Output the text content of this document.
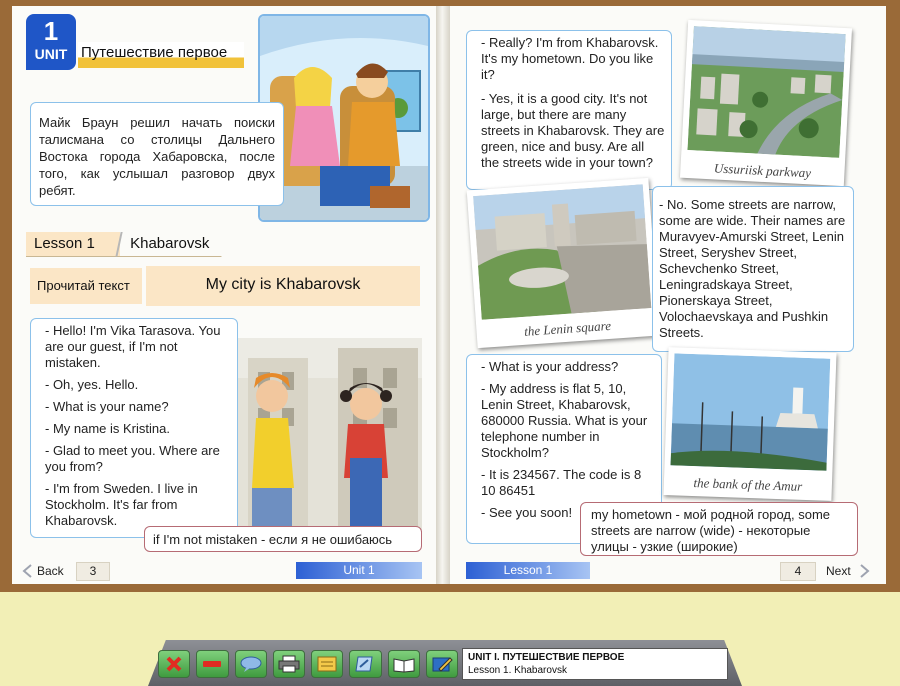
1
UNIT Путешествие первое
Майк Браун решил начать поиски талисмана со столицы Дальнего Востока города Хабаровска, после того, как услышал разговор двух ребят.
Lesson 1	Khabarovsk
Прочитай текст	My city is Khabarovsk
- Hello! I'm Vika Tarasova. You are our guest, if I'm not mistaken.
- Oh, yes. Hello.
- What is your name?
- My name is Kristina.
- Glad to meet you. Where are you from?
- I'm from Sweden. I live in Stockholm. It's far from Khabarovsk.
if I'm not mistaken - если я не ошибаюсь
Back	3	Unit 1
- Really? I'm from Khabarovsk. It's my hometown. Do you like it?
- Yes, it is a good city. It's not large, but there are many streets in Khabarovsk. They are green, nice and busy. Are all the streets wide in your town?	Ussuriisk parkway
the Lenin square
- No. Some streets are narrow, some are wide. Their names are Muravyev-Amurski Street, Lenin Street, Seryshev Street, Schevchenko Street, Leningradskaya Street, Pionerskaya Street, Volochaevskaya and Pushkin Streets.
- What is your address?
- My address is flat 5, 10, Lenin Street, Khabarovsk, 680000 Russia. What is your telephone number in Stockholm?
- It is 234567. The code is 8 10 86451
- See you soon!
the bank of the Amur
my hometown - мой родной город, some streets are narrow (wide) - некоторые улицы - узкие (широкие)
Lesson 1	4	Next
UNIT I. ПУТЕШЕСТВИЕ ПЕРВОЕ
Lesson 1. Khabarovsk
